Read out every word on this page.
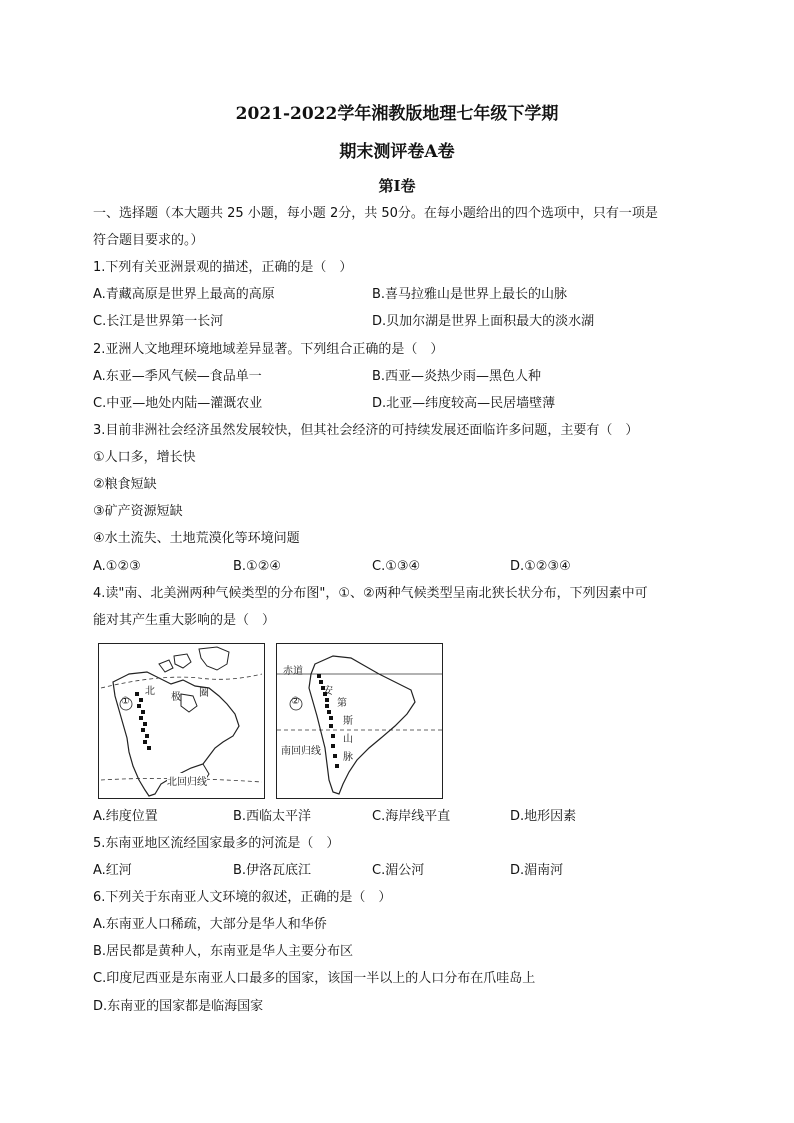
2021-2022学年湘教版地理七年级下学期
期末测评卷A卷
第I卷
一、选择题（本大题共 25 小题，每小题 2分，共 50分。在每小题给出的四个选项中，只有一项是
符合题目要求的。）
1.下列有关亚洲景观的描述，正确的是（　）
A.青藏高原是世界上最高的高原	B.喜马拉雅山是世界上最长的山脉
C.长江是世界第一长河	D.贝加尔湖是世界上面积最大的淡水湖
2.亚洲人文地理环境地域差异显著。下列组合正确的是（　）
A.东亚—季风气候—食品单一	B.西亚—炎热少雨—黑色人种
C.中亚—地处内陆—灌溉农业	D.北亚—纬度较高—民居墙壁薄
3.目前非洲社会经济虽然发展较快，但其社会经济的可持续发展还面临许多问题，主要有（　）
①人口多，增长快
②粮食短缺
③矿产资源短缺
④水土流失、土地荒漠化等环境问题
A.①②③	B.①②④	C.①③④	D.①②③④
4.读"南、北美洲两种气候类型的分布图"，①、②两种气候类型呈南北狭长状分布，下列因素中可
能对其产生重大影响的是（　）
①
北
极 圈
北回归线
赤道
②
南回归线
安
第
斯
山
脉
A.纬度位置	B.西临太平洋	C.海岸线平直	D.地形因素
5.东南亚地区流经国家最多的河流是（　）
A.红河	B.伊洛瓦底江	C.湄公河	D.湄南河
6.下列关于东南亚人文环境的叙述，正确的是（　）
A.东南亚人口稀疏，大部分是华人和华侨
B.居民都是黄种人，东南亚是华人主要分布区
C.印度尼西亚是东南亚人口最多的国家，该国一半以上的人口分布在爪哇岛上
D.东南亚的国家都是临海国家
